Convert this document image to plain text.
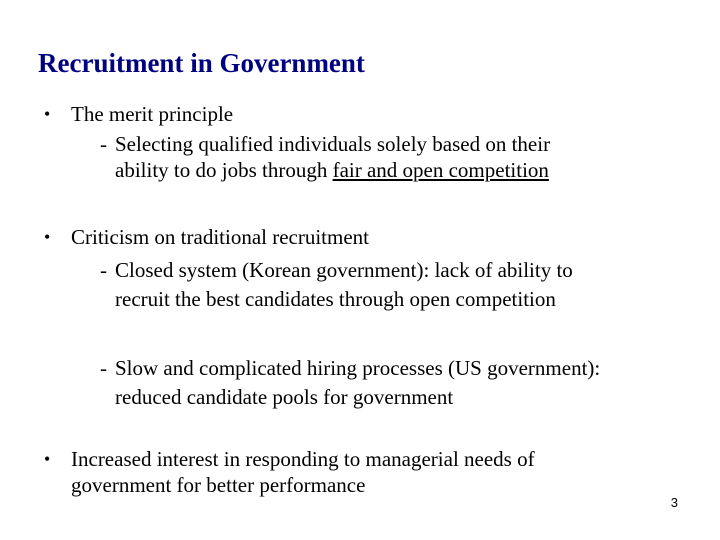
Recruitment in Government
• The merit principle
- Selecting qualified individuals solely based on their
ability to do jobs through fair and open competition
• Criticism on traditional recruitment
- Closed system (Korean government): lack of ability to
recruit the best candidates through open competition
- Slow and complicated hiring processes (US government):
reduced candidate pools for government
• Increased interest in responding to managerial needs of
government for better performance
3
